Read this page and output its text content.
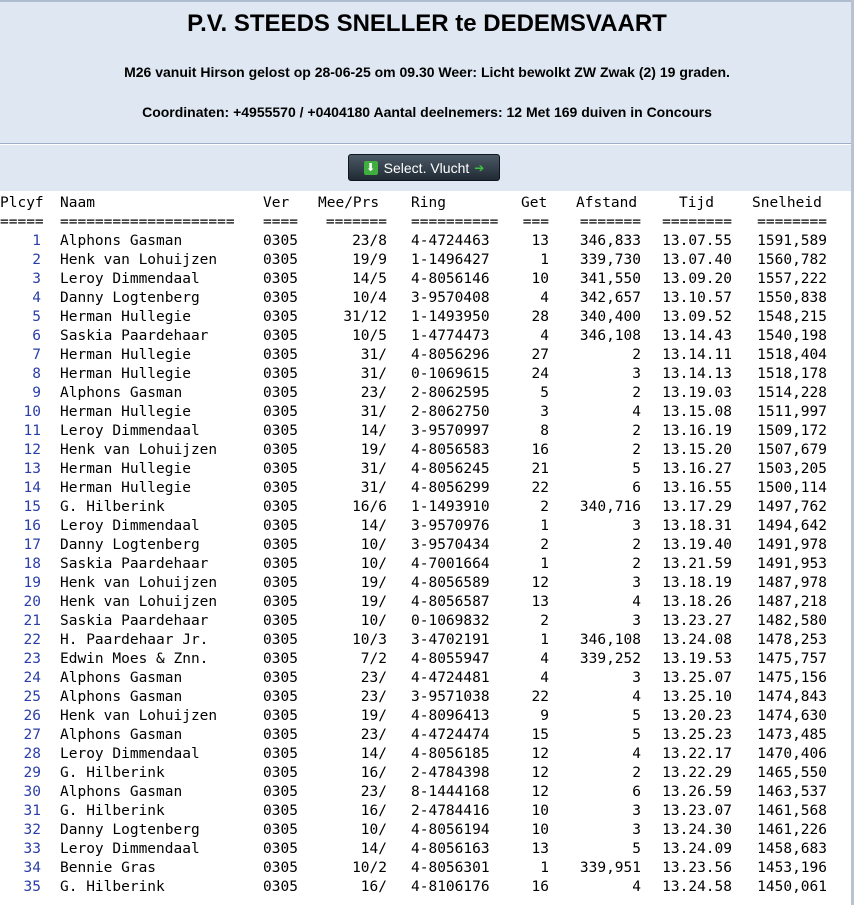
P.V. STEEDS SNELLER te DEDEMSVAART
M26 vanuit Hirson gelost op 28-06-25 om 09.30 Weer: Licht bewolkt ZW Zwak (2) 19 graden.
Coordinaten: +4955570 / +0404180 Aantal deelnemers: 12 Met 169 duiven in Concours
⬇ Select. Vlucht ➔
Plcyf Naam	Ver Mee/Prs	Ring	Get	Afstand	Tijd	Snelheid
===== ==================== ====	======= ==========	===	======= ========	========
1 Alphons Gasman	0305	23/8 4-4724463	13	346,833 13.07.55	1591,589
2 Henk van Lohuijzen	0305	19/9 1-1496427	1	339,730 13.07.40	1560,782
3 Leroy Dimmendaal	0305	14/5 4-8056146	10	341,550 13.09.20	1557,222
4 Danny Logtenberg	0305	10/4 3-9570408	4	342,657 13.10.57	1550,838
5 Herman Hullegie	0305	31/12 1-1493950	28	340,400 13.09.52	1548,215
6 Saskia Paardehaar	0305	10/5 1-4774473	4	346,108 13.14.43	1540,198
7 Herman Hullegie	0305	31/ 4-8056296	27	2 13.14.11	1518,404
8 Herman Hullegie	0305	31/ 0-1069615	24	3 13.14.13	1518,178
9 Alphons Gasman	0305	23/ 2-8062595	5	2 13.19.03	1514,228
10 Herman Hullegie	0305	31/ 2-8062750	3	4 13.15.08	1511,997
11 Leroy Dimmendaal	0305	14/ 3-9570997	8	2 13.16.19	1509,172
12 Henk van Lohuijzen	0305	19/ 4-8056583	16	2 13.15.20	1507,679
13 Herman Hullegie	0305	31/ 4-8056245	21	5 13.16.27	1503,205
14 Herman Hullegie	0305	31/ 4-8056299	22	6 13.16.55	1500,114
15 G. Hilberink	0305	16/6 1-1493910	2	340,716 13.17.29	1497,762
16 Leroy Dimmendaal	0305	14/ 3-9570976	1	3 13.18.31	1494,642
17 Danny Logtenberg	0305	10/ 3-9570434	2	2 13.19.40	1491,978
18 Saskia Paardehaar	0305	10/ 4-7001664	1	2 13.21.59	1491,953
19 Henk van Lohuijzen	0305	19/ 4-8056589	12	3 13.18.19	1487,978
20 Henk van Lohuijzen	0305	19/ 4-8056587	13	4 13.18.26	1487,218
21 Saskia Paardehaar	0305	10/ 0-1069832	2	3 13.23.27	1482,580
22 H. Paardehaar Jr.	0305	10/3 3-4702191	1	346,108 13.24.08	1478,253
23 Edwin Moes & Znn.	0305	7/2 4-8055947	4	339,252 13.19.53	1475,757
24 Alphons Gasman	0305	23/ 4-4724481	4	3 13.25.07	1475,156
25 Alphons Gasman	0305	23/ 3-9571038	22	4 13.25.10	1474,843
26 Henk van Lohuijzen	0305	19/ 4-8096413	9	5 13.20.23	1474,630
27 Alphons Gasman	0305	23/ 4-4724474	15	5 13.25.23	1473,485
28 Leroy Dimmendaal	0305	14/ 4-8056185	12	4 13.22.17	1470,406
29 G. Hilberink	0305	16/ 2-4784398	12	2 13.22.29	1465,550
30 Alphons Gasman	0305	23/ 8-1444168	12	6 13.26.59	1463,537
31 G. Hilberink	0305	16/ 2-4784416	10	3 13.23.07	1461,568
32 Danny Logtenberg	0305	10/ 4-8056194	10	3 13.24.30	1461,226
33 Leroy Dimmendaal	0305	14/ 4-8056163	13	5 13.24.09	1458,683
34 Bennie Gras	0305	10/2 4-8056301	1	339,951 13.23.56	1453,196
35 G. Hilberink	0305	16/ 4-8106176	16	4 13.24.58	1450,061
